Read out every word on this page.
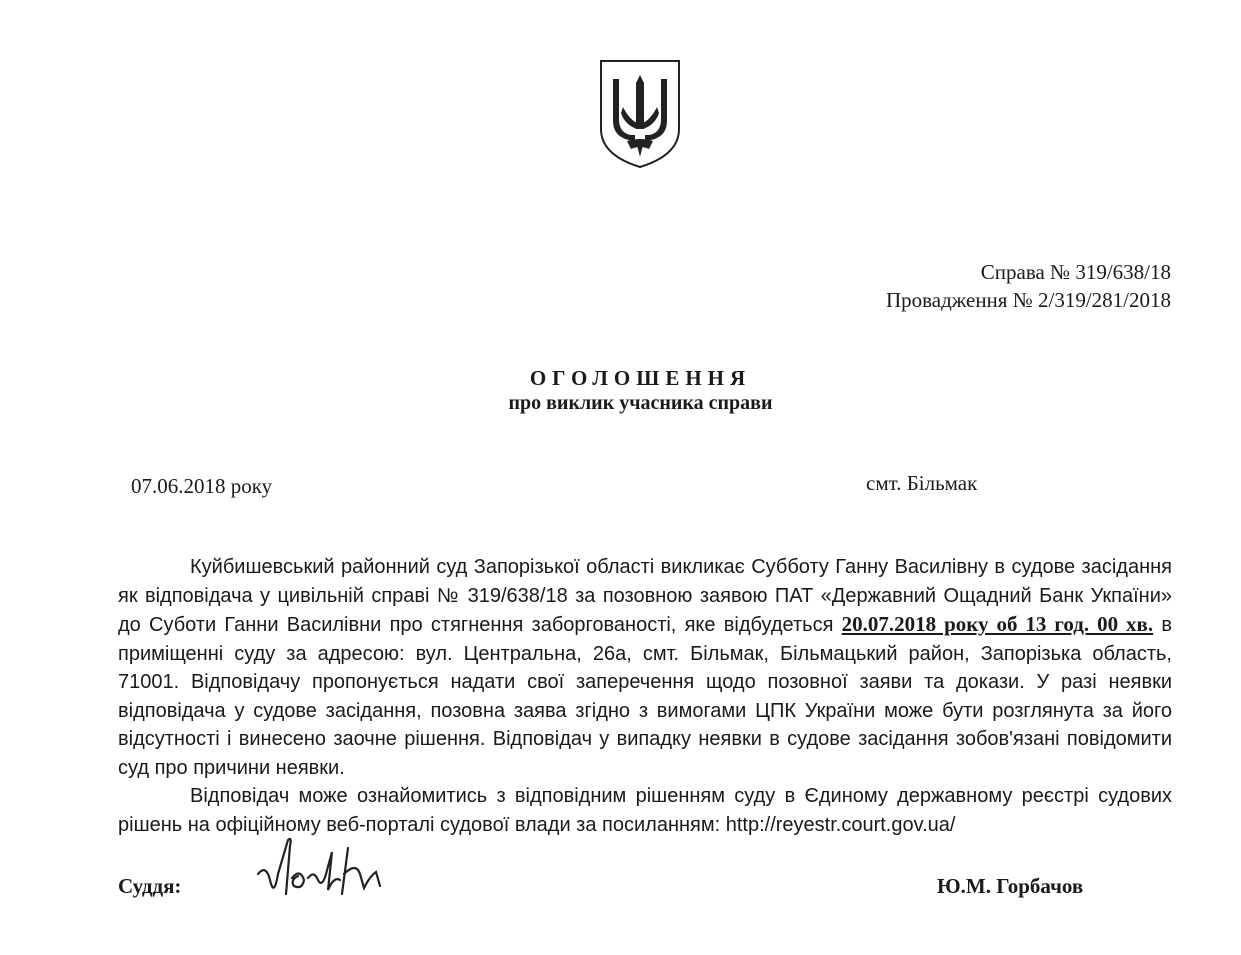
Справа № 319/638/18
Провадження № 2/319/281/2018
ОГОЛОШЕННЯ
про виклик учасника справи
07.06.2018 року	смт. Більмак

Куйбишевський районний суд Запорізької області викликає Субботу Ганну Василівну в судове засідання як відповідача у цивільній справі № 319/638/18 за позовною заявою ПАТ «Державний Ощадний Банк Укпаїни» до Суботи Ганни Василівни про стягнення заборгованості, яке відбудеться 20.07.2018 року об 13 год. 00 хв. в приміщенні суду за адресою: вул. Центральна, 26а, смт. Більмак, Більмацький район, Запорізька область, 71001. Відповідачу пропонується надати свої заперечення щодо позовної заяви та докази. У разі неявки відповідача у судове засідання, позовна заява згідно з вимогами ЦПК України може бути розглянута за його відсутності і винесено заочне рішення. Відповідач у випадку неявки в судове засідання зобов'язані повідомити суд про причини неявки.

Відповідач може ознайомитись з відповідним рішенням суду в Єдиному державному реєстрі судових рішень на офіційному веб-порталі судової влади за посиланням: http://reyestr.court.gov.ua/

Суддя:	Ю.М. Горбачов
